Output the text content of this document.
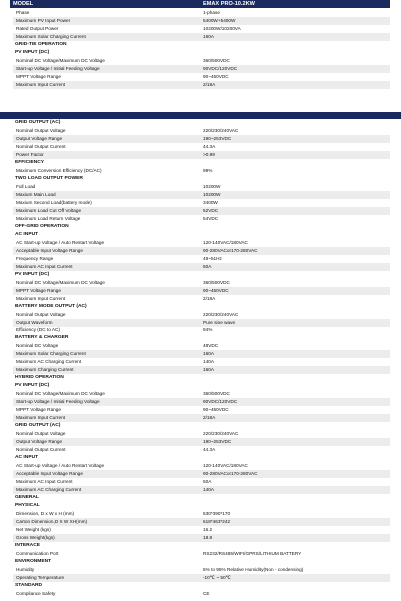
MODEL	EMAX PRO-10.2KW
Phase	1-phase
Maximum PV Input Power	5400W+5400W
Rated Output Power	10200W/10200VA
Maximum Solar Charging Current	160A
GRID-TIE OPERATION
PV INPUT (DC)
Nominal DC Voltage/Maximum DC Voltage	360/500VDC
Start-up Voltage / Initial Feeding Voltage	90VDC/120VDC
MPPT Voltage Range	90~450VDC
Maximum Input Current	2/18A
GRID OUTPUT (AC)
Nominal Output Voltage	220/230/240VAC
Output Voltage Range	190~253VDC
Nominal Output Current	44.3A
Power Factor	>0.99
EFFICIENCY
Maximum Conversion Efficiency (DC/AC)	99%
TWO LOAD OUTPUT POWER
Full Load	10200W
Maxium Main Load	10200W
Maxium Second Load(battery mode)	3400W
Maximum Load Cut Off Voltage	52VDC
Maximum Load Return Voltage	54VDC
OFF-GRID OPERATION
AC INPUT
AC Start-up Voltage / Auto Restart Voltage	120-140VAC/180VAC
Acceptable Input Voltage Range	90-280VACor170-280VAC
Frequency Range	49~51Hz
Maximum AC Input Current	50A
PV INPUT (DC)
Nominal DC Voltage/Maximum DC Voltage	360/500VDC
MPPT Voltage Range	90~450VDC
Maximum Input Current	2/18A
BATTERY MODE OUTPUT (AC)
Nominal Output Voltage	220/230/240VAC
Output Waveform	Pure sine wave
Efficiency (DC to AC)	94%
BATTERY & CHARGER
Nominal DC Voltage	48VDC
Maximum Solar Charging Current	160A
Maximum AC Charging Current	140A
Maximum Charging Current	160A
HYBRID OPERATION
PV INPUT (DC)
Nominal DC Voltage/Maximum DC Voltage	360/500VDC
Start-up Voltage / Initial Feeding Voltage	90VDC/120VDC
MPPT Voltage Range	90~450VDC
Maximum Input Current	2/18A
GRID OUTPUT (AC)
Nominal Output Voltage	220/230/240VAC
Output Voltage Range	190~253VDC
Nominal Output Current	44.3A
AC INPUT
AC Start-up Voltage / Auto Restart Voltage	120-140VAC/180VAC
Acceptable Input Voltage Range	90-280VACor170-280VAC
Maximum AC Input Current	50A
Maximum AC Charging Current	140A
GENERAL
PHYSICAL
Dimension, D x W x H (mm)	530*390*170
Carton Dimension,D X W XH(mm)	618*463*242
Net Weight (kgs)	16.2
Gross Weight(kgs)	18.8
INTERACE
Communication Port	RS232/RS485/WIFI/GPRS/LITHIUM BATTERY
ENVIRONMENT
Humidity	5% to 95% Relative Humidity(Non - condensing)
Operating Temperature	-10℃ ~ 50℃
STANDARD
Compliance Safety	CE
